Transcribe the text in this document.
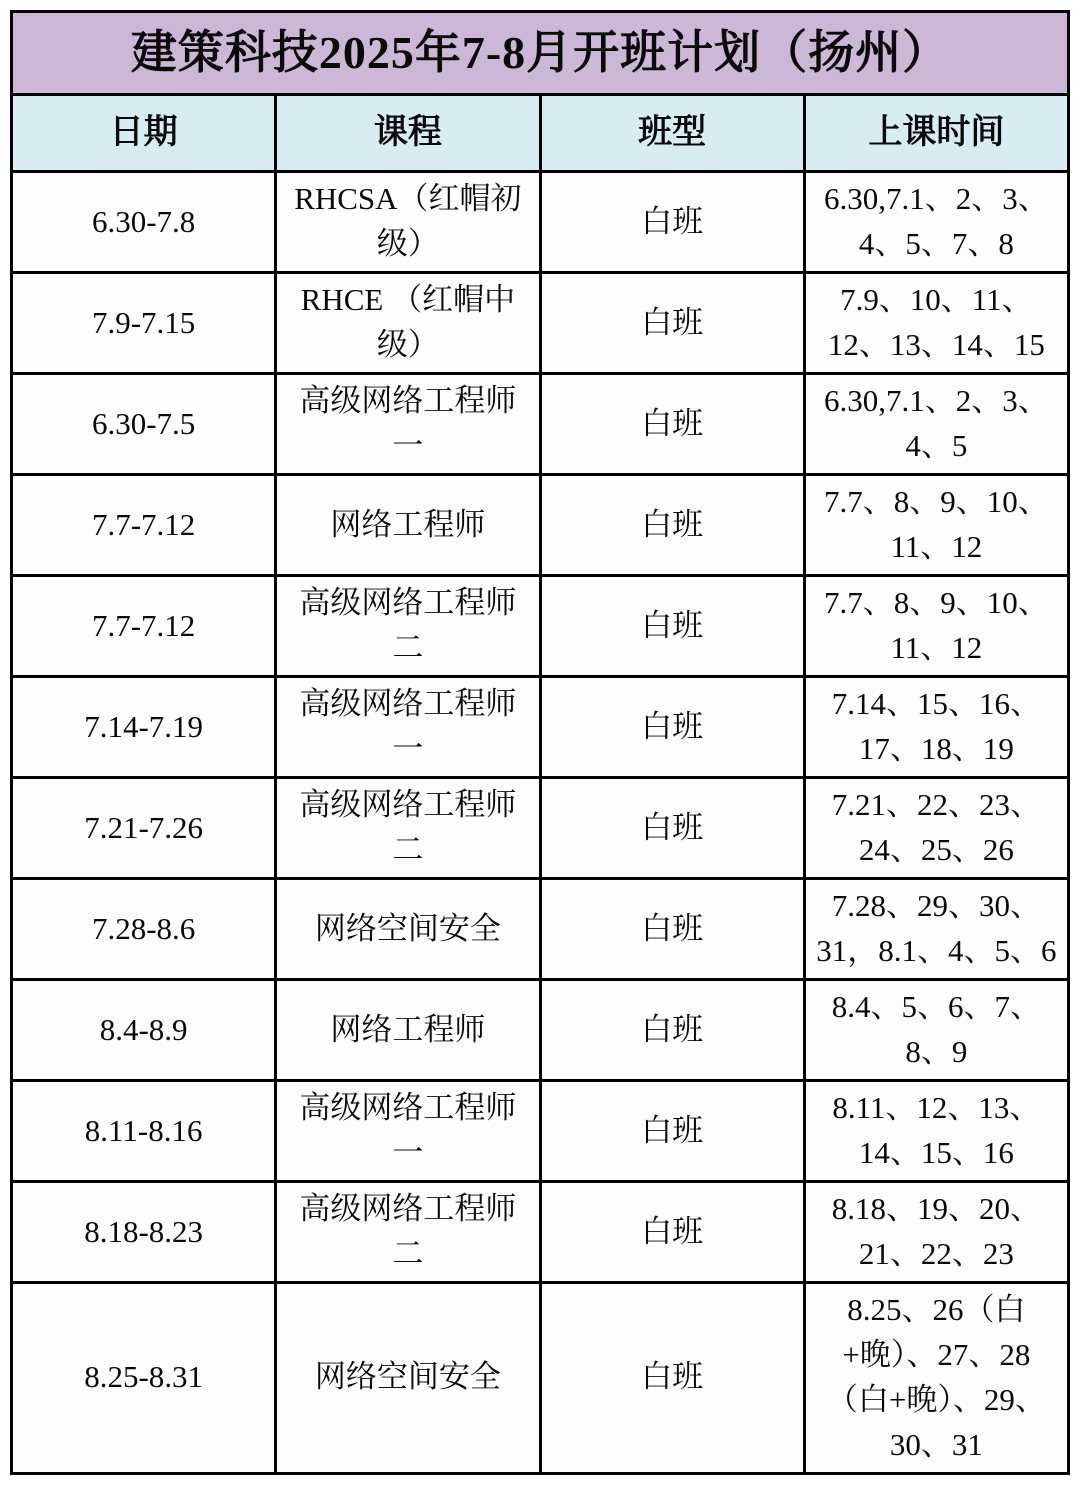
建策科技2025年7-8月开班计划（扬州）			
日期	课程	班型	上课时间
6.30-7.8	RHCSA（红帽初级）	白班	6.30,7.1、2、3、4、5、7、8
7.9-7.15	RHCE （红帽中级）	白班	7.9、10、11、12、13、14、15
6.30-7.5	高级网络工程师一	白班	6.30,7.1、2、3、4、5
7.7-7.12	网络工程师	白班	7.7、8、9、10、11、12
7.7-7.12	高级网络工程师二	白班	7.7、8、9、10、11、12
7.14-7.19	高级网络工程师一	白班	7.14、15、16、17、18、19
7.21-7.26	高级网络工程师二	白班	7.21、22、23、24、25、26
7.28-8.6	网络空间安全	白班	7.28、29、30、31，8.1、4、5、6
8.4-8.9	网络工程师	白班	8.4、5、6、7、8、9
8.11-8.16	高级网络工程师一	白班	8.11、12、13、14、15、16
8.18-8.23	高级网络工程师二	白班	8.18、19、20、21、22、23
8.25-8.31	网络空间安全	白班	8.25、26（白+晚）、27、28（白+晚）、29、30、31
